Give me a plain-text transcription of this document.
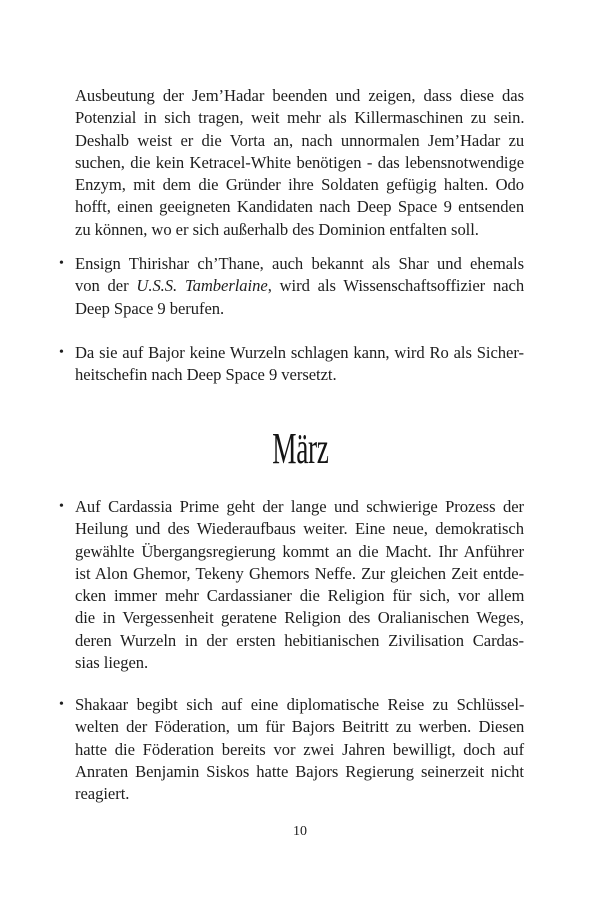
Ausbeutung der Jem’Hadar beenden und zeigen, dass diese das
Potenzial in sich tragen, weit mehr als Killermaschinen zu sein.
Deshalb weist er die Vorta an, nach unnormalen Jem’Hadar zu
suchen, die kein Ketracel-White benötigen - das lebensnotwendige
Enzym, mit dem die Gründer ihre Soldaten gefügig halten. Odo
hofft, einen geeigneten Kandidaten nach Deep Space 9 entsenden
zu können, wo er sich außerhalb des Dominion entfalten soll.
• Ensign Thirishar ch’Thane, auch bekannt als Shar und ehemals
von der U.S.S. Tamberlaine, wird als Wissenschaftsoffizier nach
Deep Space 9 berufen.
• Da sie auf Bajor keine Wurzeln schlagen kann, wird Ro als Sicher-
heitschefin nach Deep Space 9 versetzt.
März
• Auf Cardassia Prime geht der lange und schwierige Prozess der
Heilung und des Wiederaufbaus weiter. Eine neue, demokratisch
gewählte Übergangsregierung kommt an die Macht. Ihr Anführer
ist Alon Ghemor, Tekeny Ghemors Neffe. Zur gleichen Zeit entde-
cken immer mehr Cardassianer die Religion für sich, vor allem
die in Vergessenheit geratene Religion des Oralianischen Weges,
deren Wurzeln in der ersten hebitianischen Zivilisation Cardas-
sias liegen.
• Shakaar begibt sich auf eine diplomatische Reise zu Schlüssel-
welten der Föderation, um für Bajors Beitritt zu werben. Diesen
hatte die Föderation bereits vor zwei Jahren bewilligt, doch auf
Anraten Benjamin Siskos hatte Bajors Regierung seinerzeit nicht
reagiert.
10
